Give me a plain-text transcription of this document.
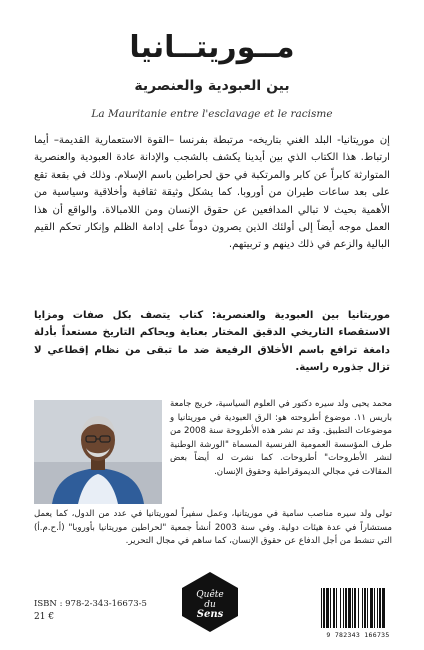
مــوريتــانيا

بين العبودية والعنصرية

La Mauritanie entre l'esclavage et le racisme

إن موريتانيا- البلد الغني بتاريخه- مرتبطة بفرنسا –القوة الاستعمارية القديمة– أيما ارتباط. هذا الكتاب الذي بين أيدينا يكشف بالشجب والإدانة عادة العبودية والعنصرية المتوارثة كابراً عن كابر والمرتكبة في حق لحراطين باسم الإسلام. وذلك في بقعة تقع على بعد ساعات طيران من أوروبا. كما يشكل وثيقة ثقافية وأخلاقية وسياسية من الأهمية بحيث لا تبالي المدافعين عن حقوق الإنسان ومن اللامبالاة. والواقع أن هذا العمل موجه أيضاً إلى أولئك الذين يصرون دوماً على إدامة الظلم وإنكار تحكم القيم البالية والزعم في ذلك دينهم و تربيتهم.

موريتانيا بين العبودية والعنصرية: كتاب يتصف بكل صفات ومزايا الاستقصاء التاريخي الدقيق المختار بعناية ويحاكم التاريخ مستعداً بأدلة دامغة ترافع باسم الأخلاق الرفيعة ضد ما تبقى من نظام إقطاعي لا تزال جذوره راسية.

محمد يحيى ولد سيره دكتور في العلوم السياسية، خريج جامعة باريس ١١. موضوع أطروحته هو: الرق العبودية في موريتانيا و موضوعات التطبيق. وقد تم نشر هذه الأطروحة سنة 2008 من طرف المؤسسة العمومية الفرنسية المسماة "الورشة الوطنية لنشر الأطروحات" أطروحات. كما نشرت له أيضاً بعض المقالات في مجالي الديموقراطية وحقوق الإنسان.

تولى ولد سيره مناصب سامية في موريتانيا، وعمل سفيراً لموريتانيا في عدد من الدول، كما يعمل مستشاراً في عدة هيئات دولية. وفي سنة 2003 أنشأ جمعية "لحراطين موريتانيا بأوروبا" (أ.ح.م.أ) التي تنشط من أجل الدفاع عن حقوق الإنسان، كما ساهم في مجال التحرير.

Quête
du
Sens

ISBN : 978-2-343-16673-5

21 €

9 782343 166735
